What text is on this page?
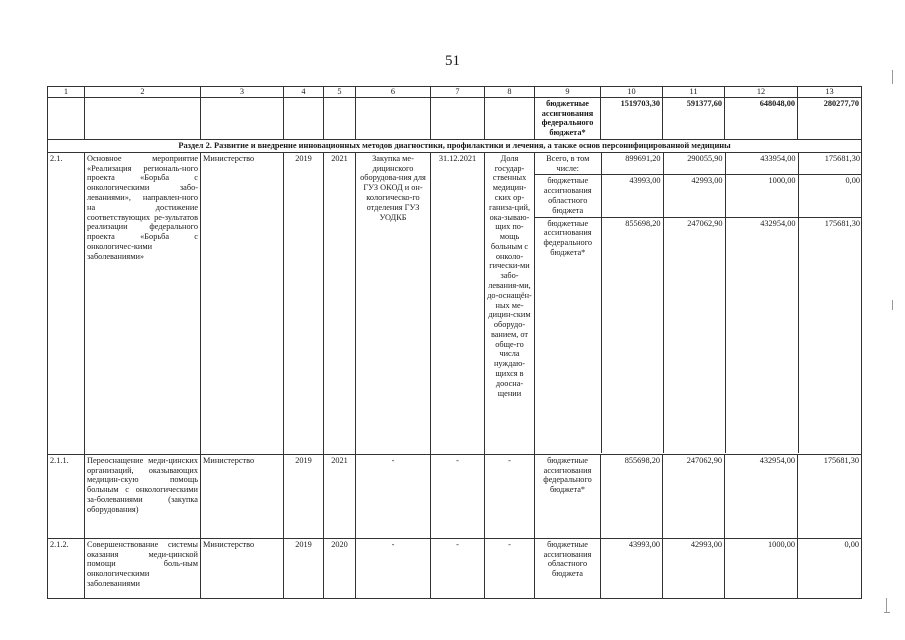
51
1	2	3	4	5	6	7	8	9	10	11	12	13
								бюджетные ассигнования федерального бюджета*	1519703,30	591377,60	648048,00	280277,70
Раздел 2. Развитие и внедрение инновационных методов диагностики, профилактики и лечения, а также основ персонифицированной медицины
2.1.	Основное мероприятие «Реализация региональ-ного проекта «Борьба с онкологическими забо-леваниями», направлен-ного на достижение соответствующих ре-зультатов реализации федерального проекта «Борьба с онкологичес-кими заболеваниями»	Министерство	2019	2021	Закупка ме-дицинского оборудова-ния для ГУЗ ОКОД и он-кологическо-го отделения ГУЗ УОДКБ	31.12.2021	Доля государ-ственных медицин-ских ор-ганиза-ций, ока-зываю-щих по-мощь больным с онколо-гически-ми забо-левания-ми, до-оснащён-ных ме-дицин-ским оборудо-ванием, от обще-го числа нуждаю-щихся в доосна-щении	
Всего, в том числе:	899691,20	290055,90	433954,00	175681,30
бюджетные ассигнования областного бюджета	43993,00	42993,00	1000,00	0,00
бюджетные ассигнования федерального бюджета*	855698,20	247062,90	432954,00	175681,30

2.1.1.	Переоснащение меди-цинских организаций, оказывающих медицин-скую помощь больным с онкологическими за-болеваниями (закупка оборудования)	Министерство	2019	2021	-	-	-	бюджетные ассигнования федерального бюджета*	855698,20	247062,90	432954,00	175681,30
2.1.2.	Совершенствование системы оказания меди-цинской помощи боль-ным онкологическими заболеваниями	Министерство	2019	2020	-	-	-	бюджетные ассигнования областного бюджета	43993,00	42993,00	1000,00	0,00
